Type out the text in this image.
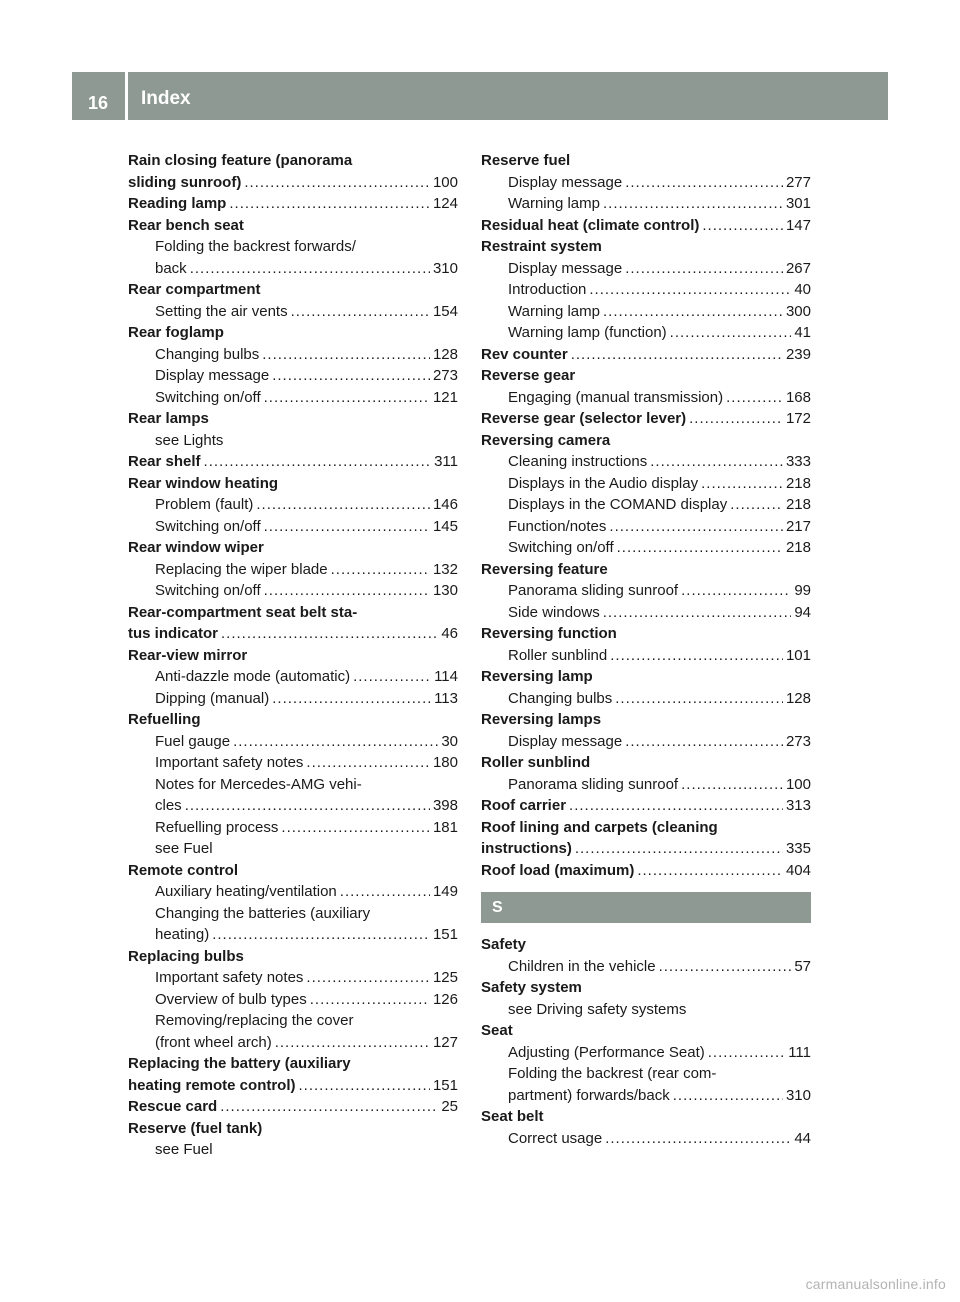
16	Index
Rain closing feature (panorama
sliding sunroof) .....	100
Reading lamp .....	124
Rear bench seat
Folding the backrest forwards/
back .....	310
Rear compartment
Setting the air vents .....	154
Rear foglamp
Changing bulbs .....	128
Display message .....	273
Switching on/off .....	121
Rear lamps
see Lights
Rear shelf .....	311
Rear window heating
Problem (fault) .....	146
Switching on/off .....	145
Rear window wiper
Replacing the wiper blade .....	132
Switching on/off .....	130
Rear-compartment seat belt sta-
tus indicator .....	46
Rear-view mirror
Anti-dazzle mode (automatic) .....	114
Dipping (manual) .....	113
Refuelling
Fuel gauge .....	30
Important safety notes .....	180
Notes for Mercedes-AMG vehi-
cles .....	398
Refuelling process .....	181
see Fuel
Remote control
Auxiliary heating/ventilation .....	149
Changing the batteries (auxiliary
heating) .....	151
Replacing bulbs
Important safety notes .....	125
Overview of bulb types .....	126
Removing/replacing the cover
(front wheel arch) .....	127
Replacing the battery (auxiliary
heating remote control) .....	151
Rescue card .....	25
Reserve (fuel tank)
see Fuel
Reserve fuel
Display message .....	277
Warning lamp .....	301
Residual heat (climate control) .....	147
Restraint system
Display message .....	267
Introduction .....	40
Warning lamp .....	300
Warning lamp (function) .....	41
Rev counter .....	239
Reverse gear
Engaging (manual transmission) .....	168
Reverse gear (selector lever) .....	172
Reversing camera
Cleaning instructions .....	333
Displays in the Audio display .....	218
Displays in the COMAND display .....	218
Function/notes .....	217
Switching on/off .....	218
Reversing feature
Panorama sliding sunroof .....	99
Side windows .....	94
Reversing function
Roller sunblind .....	101
Reversing lamp
Changing bulbs .....	128
Reversing lamps
Display message .....	273
Roller sunblind
Panorama sliding sunroof .....	100
Roof carrier .....	313
Roof lining and carpets (cleaning
instructions) .....	335
Roof load (maximum) .....	404
S
Safety
Children in the vehicle .....	57
Safety system
see Driving safety systems
Seat
Adjusting (Performance Seat) .....	111
Folding the backrest (rear com-
partment) forwards/back .....	310
Seat belt
Correct usage .....	44
carmanualsonline.info
